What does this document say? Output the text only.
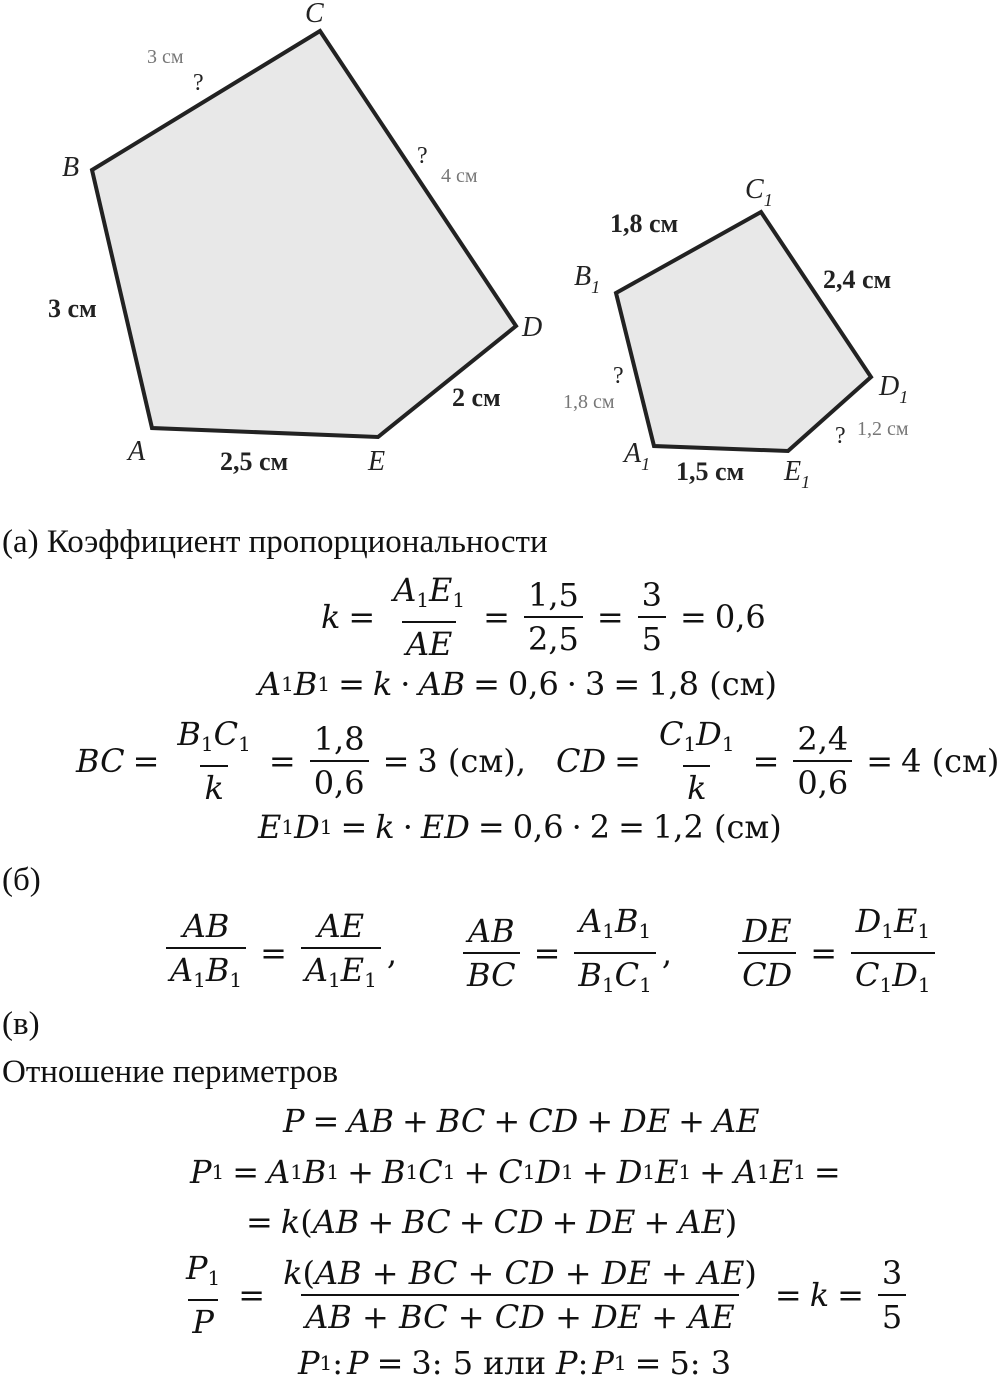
C
B
D
A	E
3 см
?
?
4 см
3 см
2 см
2,5 см
$C_1$
$B_1$
$D_1$
$A_1$	$E_1$
1,8 см
2,4 см
?
1,8 см
? 1,2 см
1,5 см
(а) Коэффициент пропорциональности
$k = \frac{A_1E_1}{AE} = \frac{1,5}{2,5} = \frac{3}{5} = 0,6$
A 1 B 1 = k · AB = 0,6 · 3 = 1,8 (см)
BC = $\frac{B_1C_1}{k} = \frac{1,8}{0,6} = 3$ (см), CD = $\frac{C_1D_1}{k} = \frac{2,4}{0,6} = 4$ (см)
E 1 D 1 = k · ED = 0,6 · 2 = 1,2 (см)
(б)
$\frac{AB}{A_1B_1} = \frac{AE}{A_1E_1}$ , $\frac{AB}{BC} = \frac{A_1B_1}{B_1C_1}$ , $\frac{DE}{CD} = \frac{D_1E_1}{C_1D_1}$
(в)
Отношение периметров
P = AB + BC + CD + DE + AE
P 1 = A 1 B 1 + B 1 C 1 + C 1 D 1 + D 1 E 1 + A 1 E 1 =
= k ( AB + BC + CD + DE + AE )
$\frac{P_1}{P} = \frac{k(AB + BC + CD + DE + AE)}{AB + BC + CD + DE + AE} = k = \frac{3}{5}$
P 1 : P = 3: 5 или P : P 1 = 5: 3
